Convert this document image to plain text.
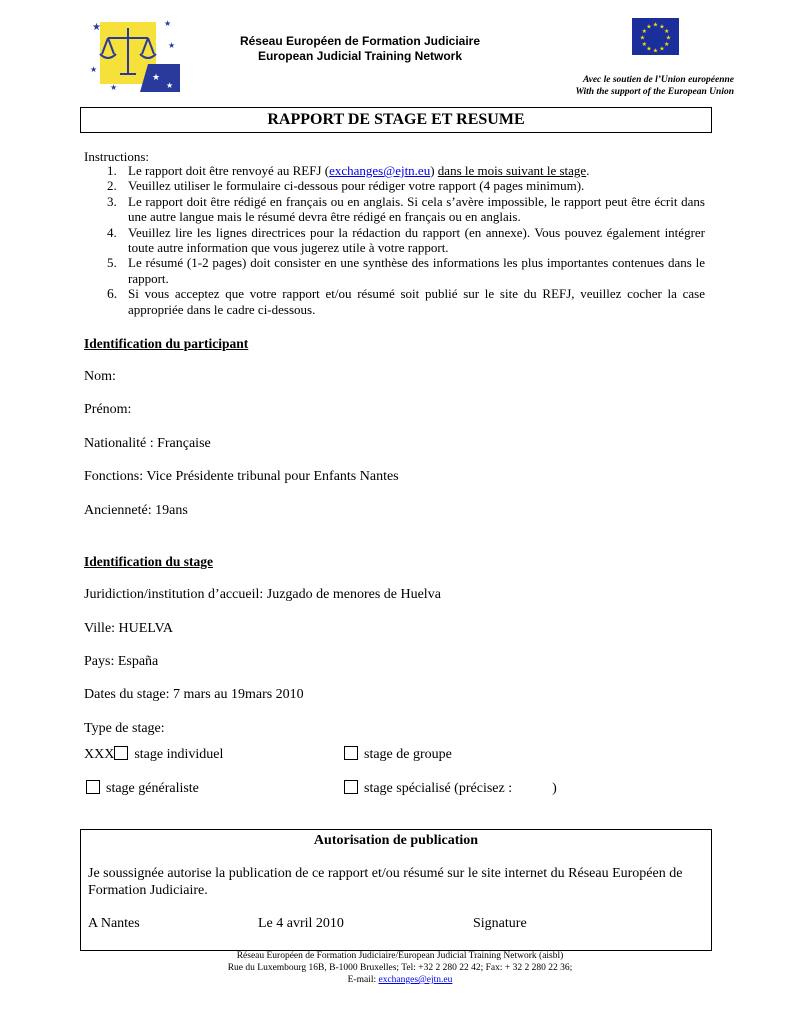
★	★
★
★
★
★
★
Réseau Européen de Formation Judiciaire
European Judicial Training Network
★ ★
★
★
★
★
★
★
★
★
★
★
Avec le soutien de l’Union européenne
With the support of the European Union
RAPPORT DE STAGE ET RESUME
Instructions:
1. Le rapport doit être renvoyé au REFJ (exchanges@ejtn.eu) dans le mois suivant le stage.
2. Veuillez utiliser le formulaire ci-dessous pour rédiger votre rapport (4 pages minimum).
3. Le rapport doit être rédigé en français ou en anglais. Si cela s’avère impossible, le rapport peut être écrit dans une autre langue mais le résumé devra être rédigé en français ou en anglais.
4. Veuillez lire les lignes directrices pour la rédaction du rapport (en annexe). Vous pouvez également intégrer toute autre information que vous jugerez utile à votre rapport.
5. Le résumé (1-2 pages) doit consister en une synthèse des informations les plus importantes contenues dans le rapport.
6. Si vous acceptez que votre rapport et/ou résumé soit publié sur le site du REFJ, veuillez cocher la case appropriée dans le cadre ci-dessous.
Identification du participant
Nom:
Prénom:
Nationalité : Française
Fonctions: Vice Présidente tribunal pour Enfants Nantes
Ancienneté: 19ans
Identification du stage
Juridiction/institution d’accueil: Juzgado de menores de Huelva
Ville: HUELVA
Pays: España
Dates du stage: 7 mars au 19mars 2010
Type de stage:
XXX stage individuel	stage de groupe
stage généraliste	stage spécialisé (précisez :	)
Autorisation de publication
Je soussignée autorise la publication de ce rapport et/ou résumé sur le site internet du Réseau Européen de Formation Judiciaire.
A Nantes	Le 4 avril 2010	Signature
Réseau Européen de Formation Judiciaire/European Judicial Training Network (aisbl)
Rue du Luxembourg 16B, B-1000 Bruxelles; Tel: +32 2 280 22 42; Fax: + 32 2 280 22 36;
E-mail: exchanges@ejtn.eu
